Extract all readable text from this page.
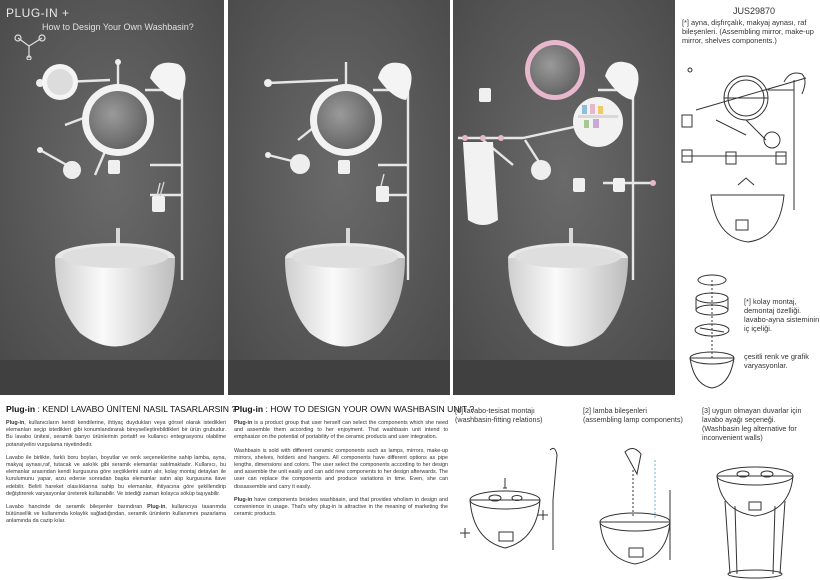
PLUG-IN +
How to Design Your Own Washbasin?
JUS29870
[*] ayna, dişfırçalık, makyaj aynası, raf bileşenleri. (Assembling mirror, make-up mirror, shelves components.)
[*] kolay montaj, demontaj özelliği. lavabo-ayna sisteminin iç içeliği.
çesitli renk ve grafik varyasyonlar.
Plug-in : KENDİ LAVABO ÜNİTENİ NASIL TASARLARSIN ?

Plug-in, kullanıcıların kendi kendilerine, ihtiyaç duydukları veya görsel olarak istedikleri elemanları seçip istedikleri gibi konumlandırarak bireyselleştirebildikleri bir ürün grubudur. Bu lavabo ünitesi, seramik banyo ürünlerinin portatif ve kullanıcı entegrasyonu olabilme potansiyelini vurgulama niyetindedir.

Lavabo ile birlikte, farklı boru boyları, boyutlar ve renk seçeneklerine sahip lamba, ayna, makyaj aynası,raf, tutacak ve askılık gibi seramik elemanlar satılmaktadır. Kullanıcı, bu elemanlar arasından kendi kurgusuna göre seçtiklerini satın alır, kolay montaj detayları ile kurulumunu yapar, arzu ederse sonradan başka elemanlar satın alıp kurgusuna ilave edebilir. Belirli hareket olasılıklarına sahip bu elemanlar, ihtiyacına göre şekillendirip değiştirerek varyasyonlar üreterek kullanabilir. Ve istediği zaman kolayca söküp taşıyabilir.

Lavabo hancinde de seramik bileşenler barındıran Plug-in, kullanıcıya tasarımda bütünsellik ve kullanımda kolaylık sağladığından, seramik ürünlerin kullanımını pazarlama anlamında da cazip kılar.

Plug-in : HOW TO DESIGN YOUR OWN WASHBASIN UNIT ?

Plug-in is a product group that user herself can select the components which she need and assemble them according to her enjoyment. That washbasin unit intend to emphasize on the potential of portability of the ceramic products and user integration.

Washbasin is sold with different ceramic components such as lamps, mirrors, make-up mirrors, shelves, holders and hangers. All components have different options as pipe lengths, dimensions and colors. The user select the components according to her design and assemble the unit easily and can add new components to her design afterwards. The user can replace the components and produce variations in time. Even, she can dissassemble and carry it easily.

Plug-in have components besides washbasin, and that provides wholism in design and convenience in usage. That's why plug-in is attractive in the meaning of marketing the ceramic products.

[1] lavabo-tesisat montajı
(washbasin-fitting relations)
[2] lamba bileşenleri
(assembling lamp components)
[3] uygun olmayan duvarlar için lavabo ayağı seçeneği.
(Washbasin leg alternative for inconvenient walls)
